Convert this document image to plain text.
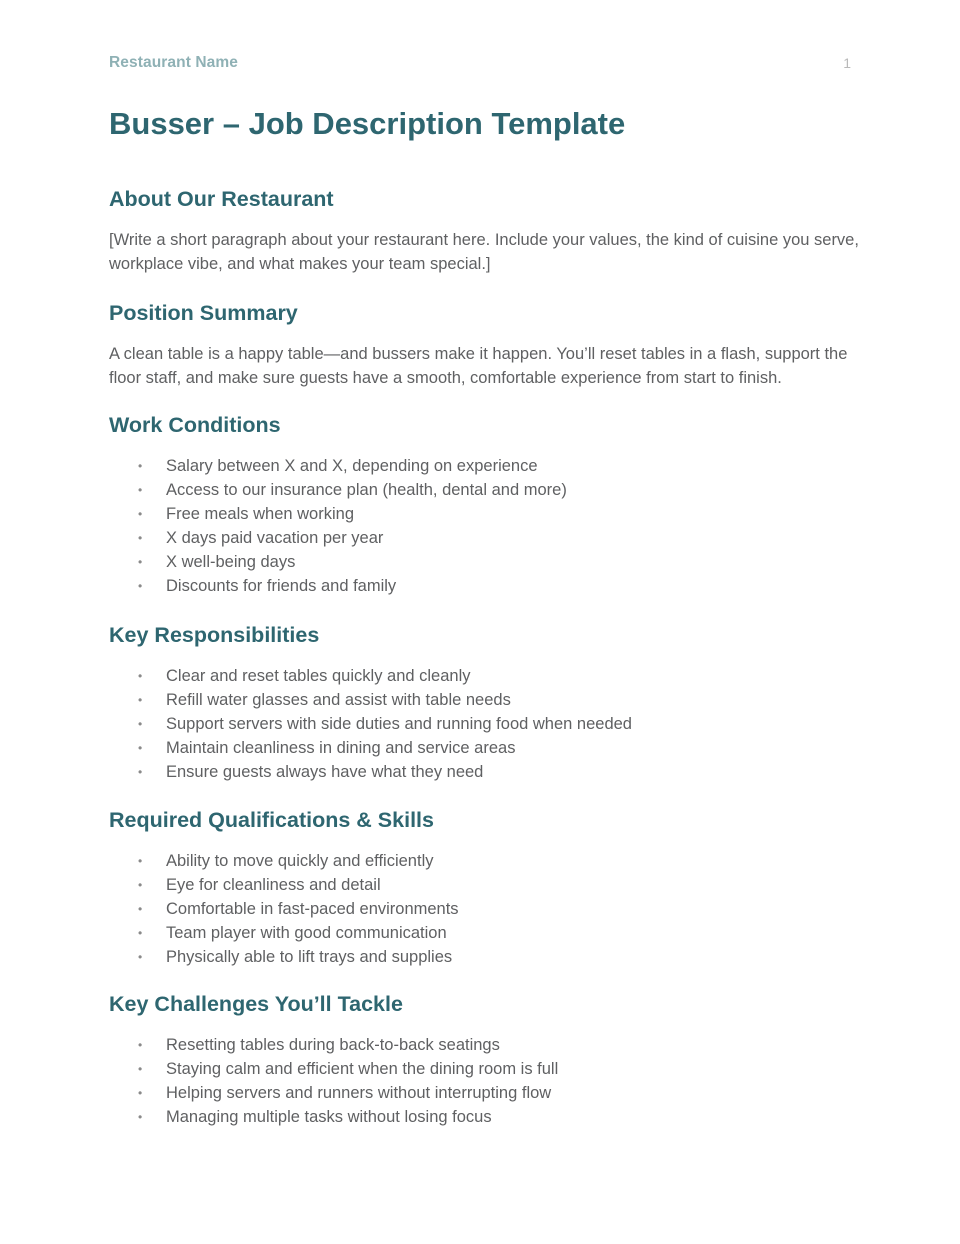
Restaurant Name	1
Busser – Job Description Template
About Our Restaurant

[Write a short paragraph about your restaurant here. Include your values, the kind of cuisine you serve, workplace vibe, and what makes your team special.]

Position Summary

A clean table is a happy table—and bussers make it happen. You’ll reset tables in a flash, support the floor staff, and make sure guests have a smooth, comfortable experience from start to finish.

Work Conditions
• Salary between X and X, depending on experience
• Access to our insurance plan (health, dental and more)
• Free meals when working
• X days paid vacation per year
• X well-being days
• Discounts for friends and family
Key Responsibilities
• Clear and reset tables quickly and cleanly
• Refill water glasses and assist with table needs
• Support servers with side duties and running food when needed
• Maintain cleanliness in dining and service areas
• Ensure guests always have what they need
Required Qualifications & Skills
• Ability to move quickly and efficiently
• Eye for cleanliness and detail
• Comfortable in fast-paced environments
• Team player with good communication
• Physically able to lift trays and supplies
Key Challenges You’ll Tackle
• Resetting tables during back-to-back seatings
• Staying calm and efficient when the dining room is full
• Helping servers and runners without interrupting flow
• Managing multiple tasks without losing focus
